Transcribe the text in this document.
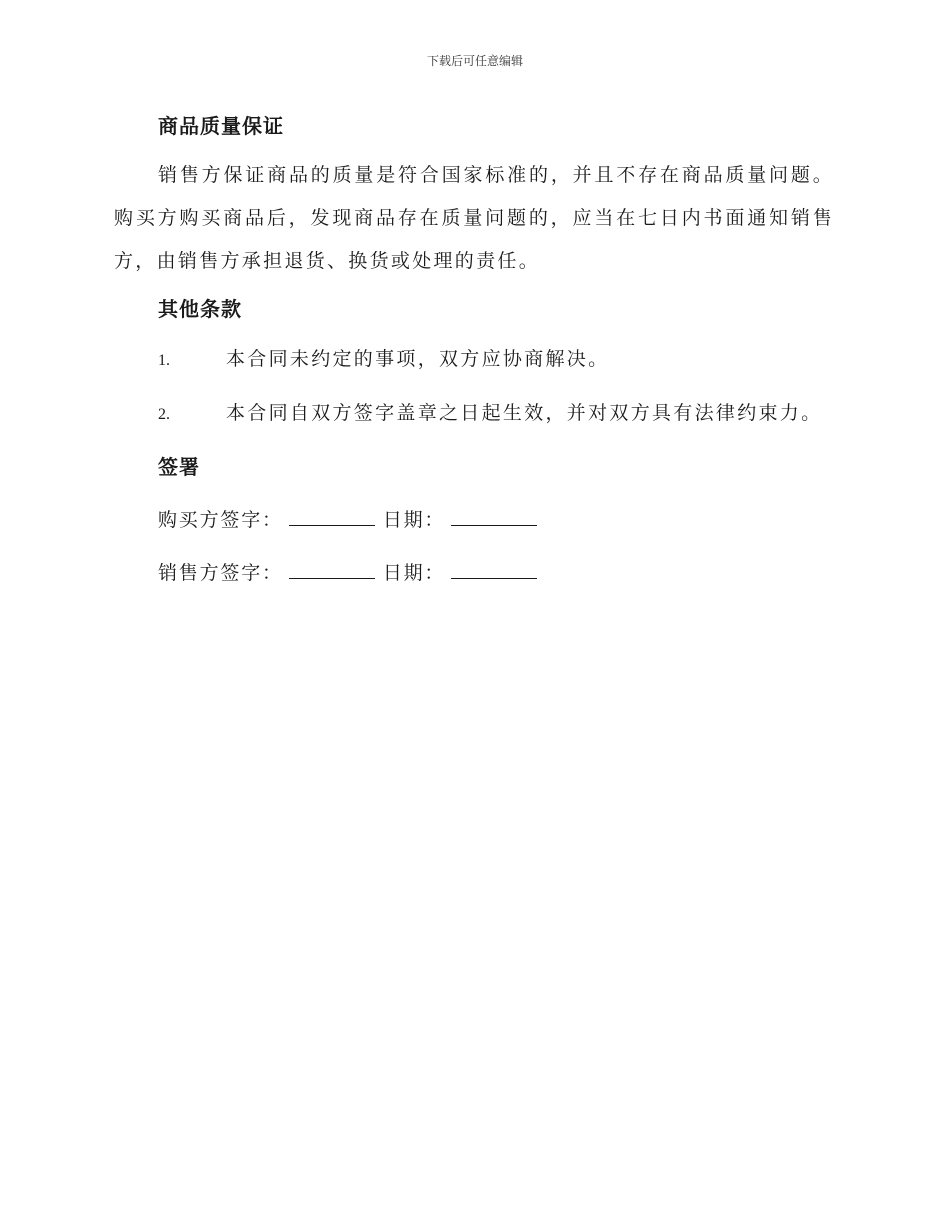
下载后可任意编辑
商品质量保证

销售方保证商品的质量是符合国家标准的，并且不存在商品质量问题。购买方购买商品后，发现商品存在质量问题的，应当在七日内书面通知销售方，由销售方承担退货、换货或处理的责任。

其他条款
1.	本合同未约定的事项，双方应协商解决。
2.	本合同自双方签字盖章之日起生效，并对双方具有法律约束力。
签署
购买方签字：	日期：
销售方签字：	日期：
